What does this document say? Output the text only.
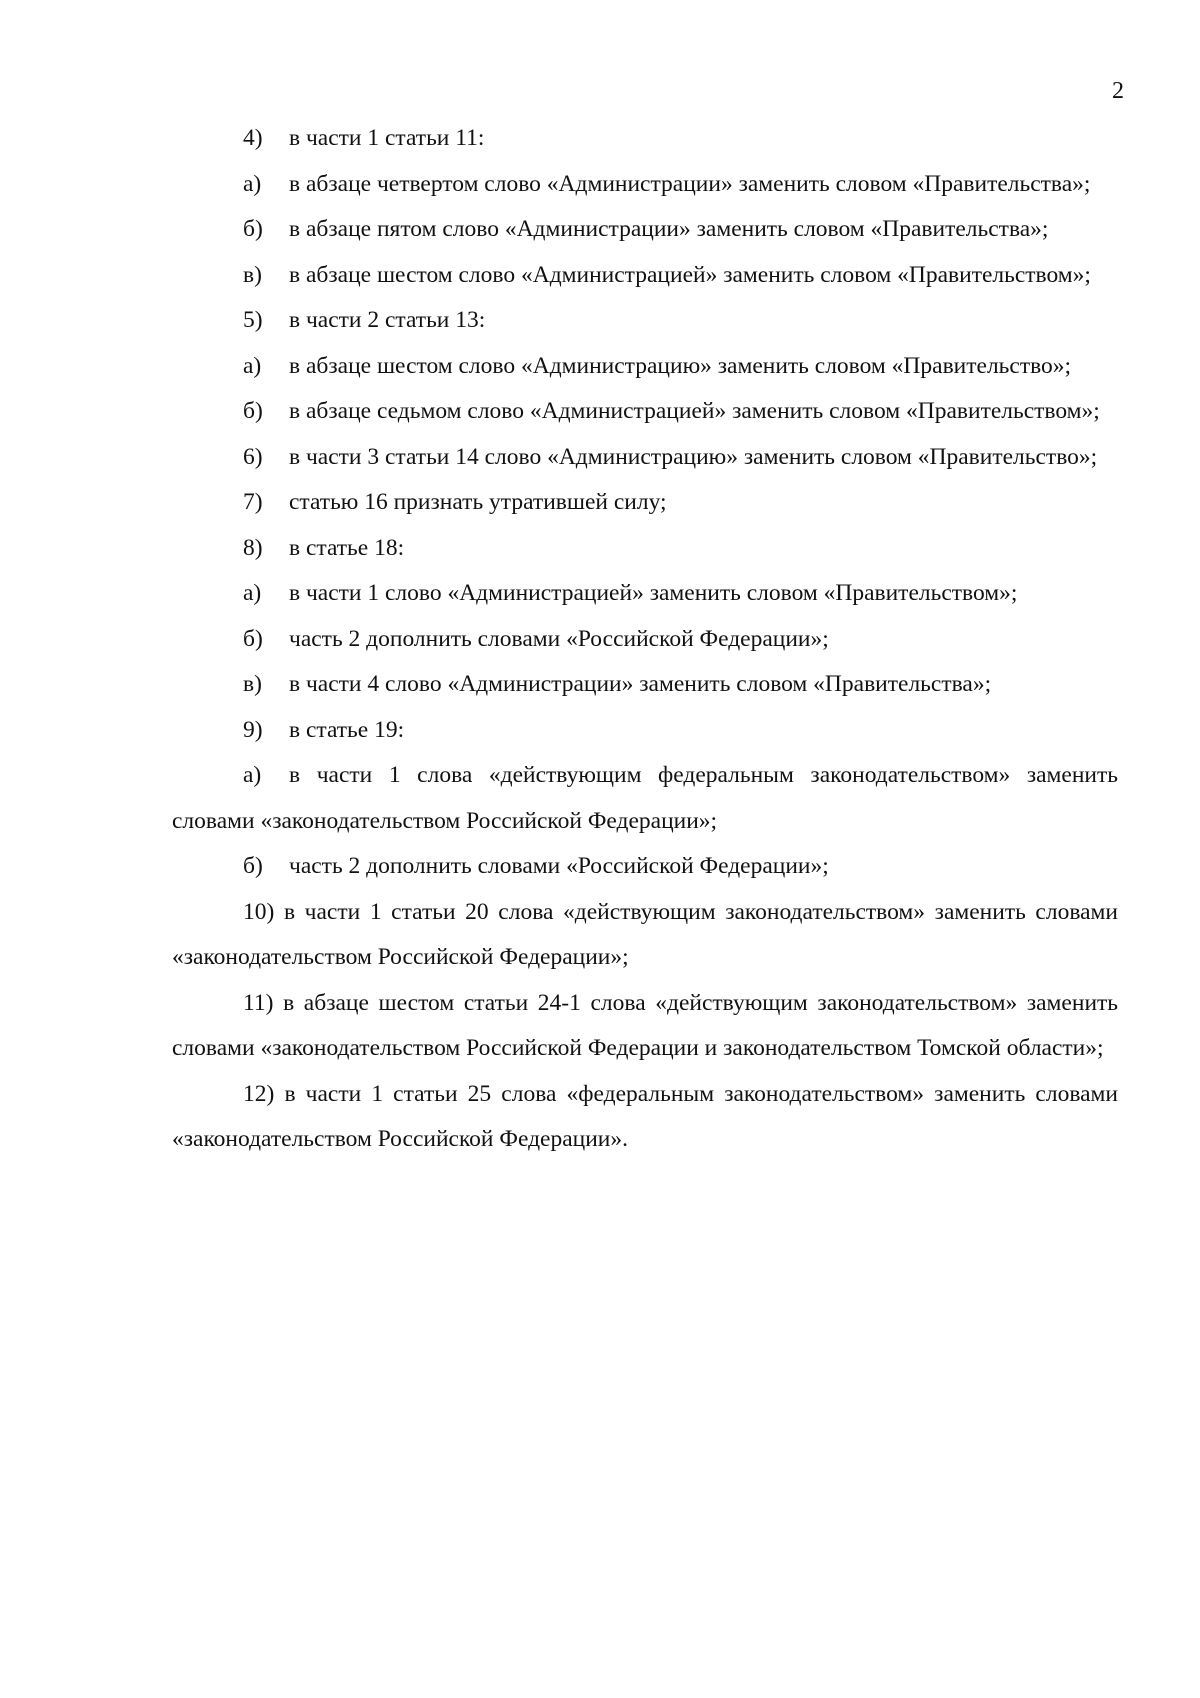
2

4) в части 1 статьи 11:

а) в абзаце четвертом слово «Администрации» заменить словом «Правительства»;

б) в абзаце пятом слово «Администрации» заменить словом «Правительства»;

в) в абзаце шестом слово «Администрацией» заменить словом «Правительством»;

5) в части 2 статьи 13:

а) в абзаце шестом слово «Администрацию» заменить словом «Правительство»;

б) в абзаце седьмом слово «Администрацией» заменить словом «Правительством»;

6) в части 3 статьи 14 слово «Администрацию» заменить словом «Правительство»;

7) статью 16 признать утратившей силу;

8) в статье 18:

а) в части 1 слово «Администрацией» заменить словом «Правительством»;

б) часть 2 дополнить словами «Российской Федерации»;

в) в части 4 слово «Администрации» заменить словом «Правительства»;

9) в статье 19:

а) в части 1 слова «действующим федеральным законодательством» заменить словами «законодательством Российской Федерации»;

б) часть 2 дополнить словами «Российской Федерации»;

10) в части 1 статьи 20 слова «действующим законодательством» заменить словами «законодательством Российской Федерации»;

11) в абзаце шестом статьи 24-1 слова «действующим законодательством» заменить словами «законодательством Российской Федерации и законодательством Томской области»;

12) в части 1 статьи 25 слова «федеральным законодательством» заменить словами «законодательством Российской Федерации».
